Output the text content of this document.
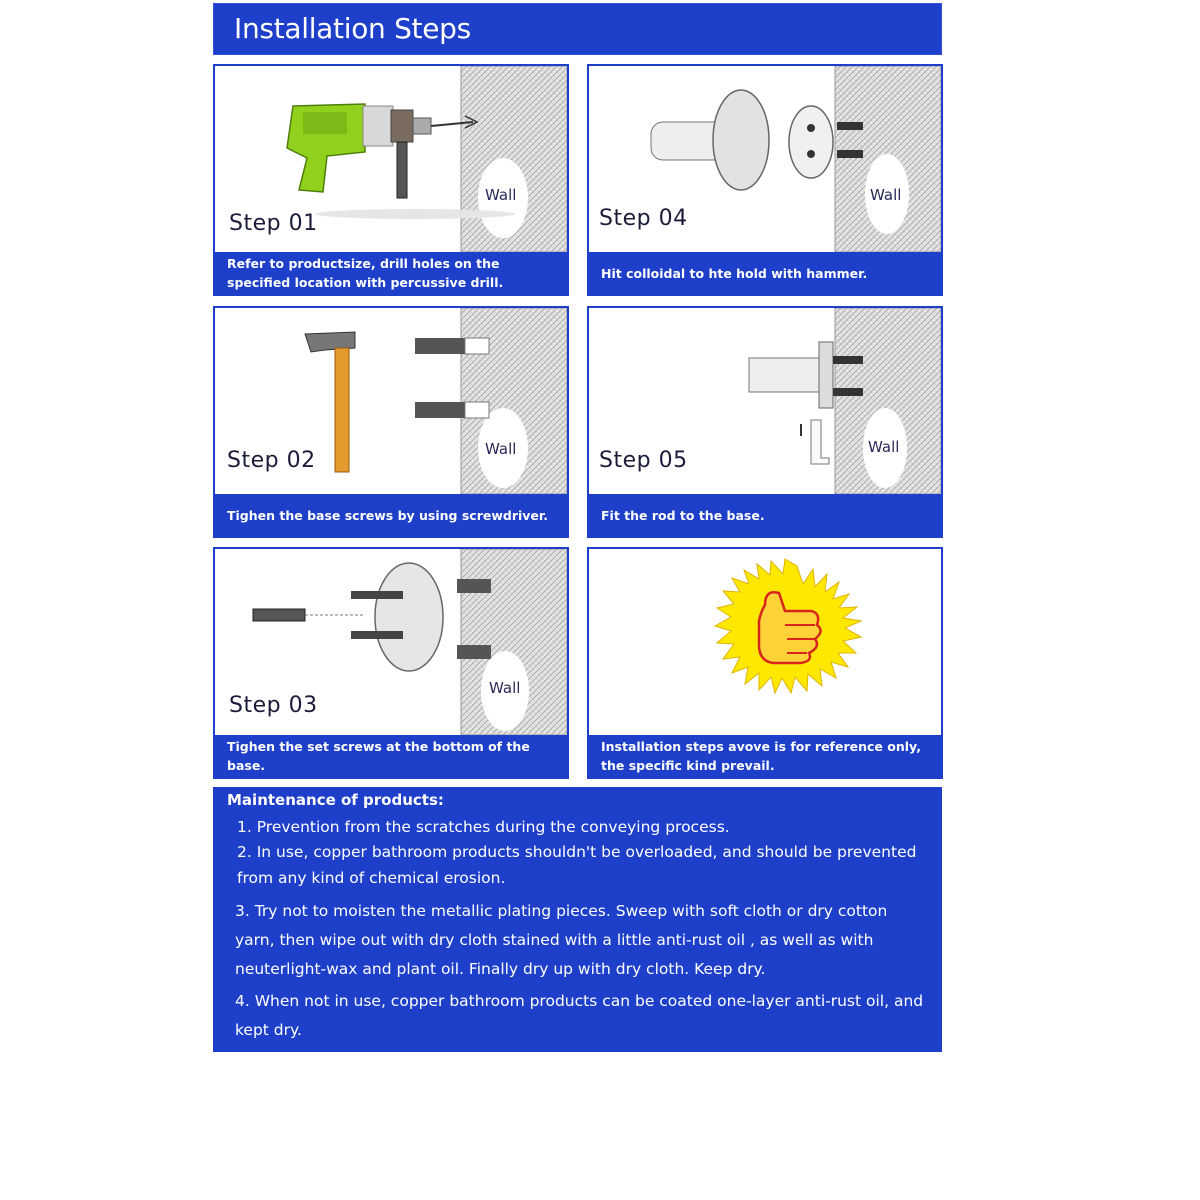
Installation Steps
Step 01
Wall
Refer to productsize, drill holes on the specified location with percussive drill.
Step 04
Wall
Hit colloidal to hte hold with hammer.
Step 02	Wall
Tighen the base screws by using screwdriver.
Step 05
Wall
Fit the rod to the base.
Step 03
Wall
Tighen the set screws at the bottom of the base.
Installation steps avove is for reference only, the specific kind prevail.
Maintenance of products:
1. Prevention from the scratches during the conveying process.
2. In use, copper bathroom products shouldn't be overloaded, and should be prevented from any kind of chemical erosion.
3. Try not to moisten the metallic plating pieces. Sweep with soft cloth or dry cotton yarn, then wipe out with dry cloth stained with a little anti-rust oil , as well as with neuterlight-wax and plant oil. Finally dry up with dry cloth. Keep dry.
4. When not in use, copper bathroom products can be coated one-layer anti-rust oil, and kept dry.
